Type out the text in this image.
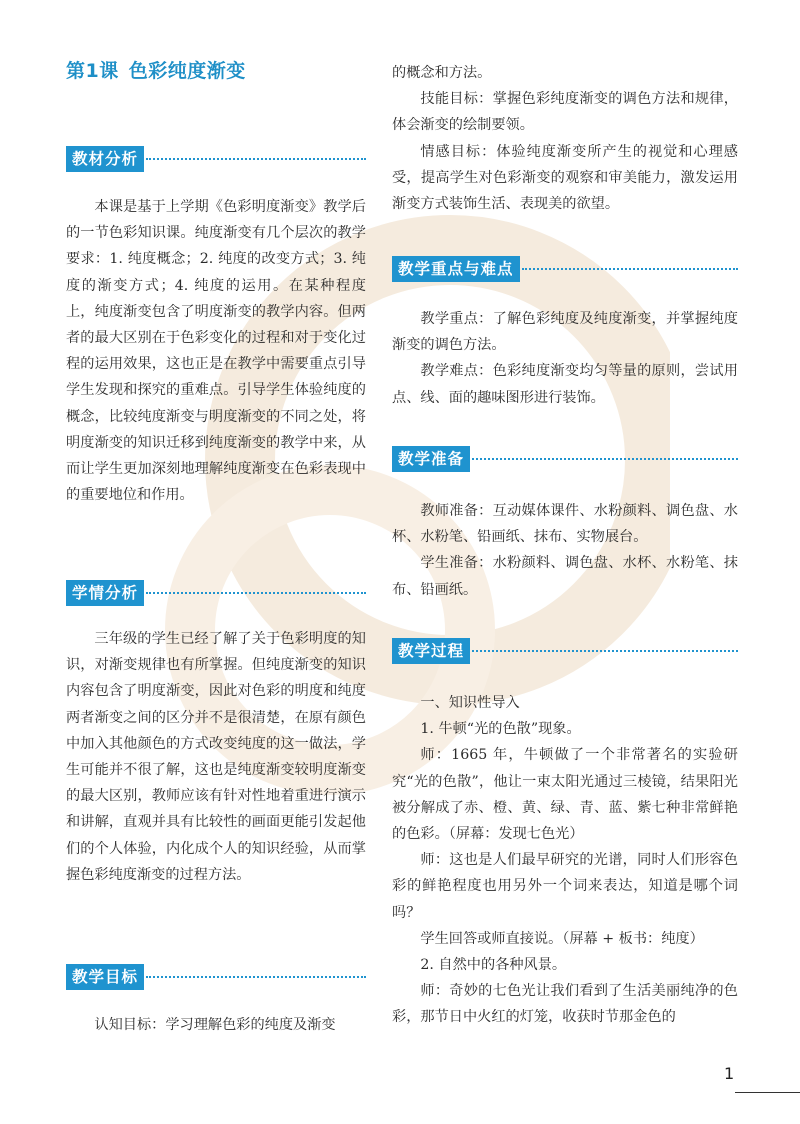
第1课 色彩纯度渐变
教材分析

本课是基于上学期《色彩明度渐变》教学后的一节色彩知识课。纯度渐变有几个层次的教学要求：1. 纯度概念；2. 纯度的改变方式；3. 纯度的渐变方式；4. 纯度的运用。在某种程度上，纯度渐变包含了明度渐变的教学内容。但两者的最大区别在于色彩变化的过程和对于变化过程的运用效果，这也正是在教学中需要重点引导学生发现和探究的重难点。引导学生体验纯度的概念，比较纯度渐变与明度渐变的不同之处，将明度渐变的知识迁移到纯度渐变的教学中来，从而让学生更加深刻地理解纯度渐变在色彩表现中的重要地位和作用。

学情分析

三年级的学生已经了解了关于色彩明度的知识，对渐变规律也有所掌握。但纯度渐变的知识内容包含了明度渐变，因此对色彩的明度和纯度两者渐变之间的区分并不是很清楚，在原有颜色中加入其他颜色的方式改变纯度的这一做法，学生可能并不很了解，这也是纯度渐变较明度渐变的最大区别，教师应该有针对性地着重进行演示和讲解，直观并具有比较性的画面更能引发起他们的个人体验，内化成个人的知识经验，从而掌握色彩纯度渐变的过程方法。

教学目标

认知目标：学习理解色彩的纯度及渐变

的概念和方法。

技能目标：掌握色彩纯度渐变的调色方法和规律，体会渐变的绘制要领。

情感目标：体验纯度渐变所产生的视觉和心理感受，提高学生对色彩渐变的观察和审美能力，激发运用渐变方式装饰生活、表现美的欲望。

教学重点与难点

教学重点：了解色彩纯度及纯度渐变，并掌握纯度渐变的调色方法。

教学难点：色彩纯度渐变均匀等量的原则，尝试用点、线、面的趣味图形进行装饰。

教学准备

教师准备：互动媒体课件、水粉颜料、调色盘、水杯、水粉笔、铅画纸、抹布、实物展台。

学生准备：水粉颜料、调色盘、水杯、水粉笔、抹布、铅画纸。

教学过程

一、知识性导入

1. 牛顿“光的色散”现象。

师：1665 年，牛顿做了一个非常著名的实验研究“光的色散”，他让一束太阳光通过三棱镜，结果阳光被分解成了赤、橙、黄、绿、青、蓝、紫七种非常鲜艳的色彩。（屏幕：发现七色光）

师：这也是人们最早研究的光谱，同时人们形容色彩的鲜艳程度也用另外一个词来表达，知道是哪个词吗？

学生回答或师直接说。（屏幕 + 板书：纯度）

2. 自然中的各种风景。

师：奇妙的七色光让我们看到了生活美丽纯净的色彩，那节日中火红的灯笼，收获时节那金色的

1
